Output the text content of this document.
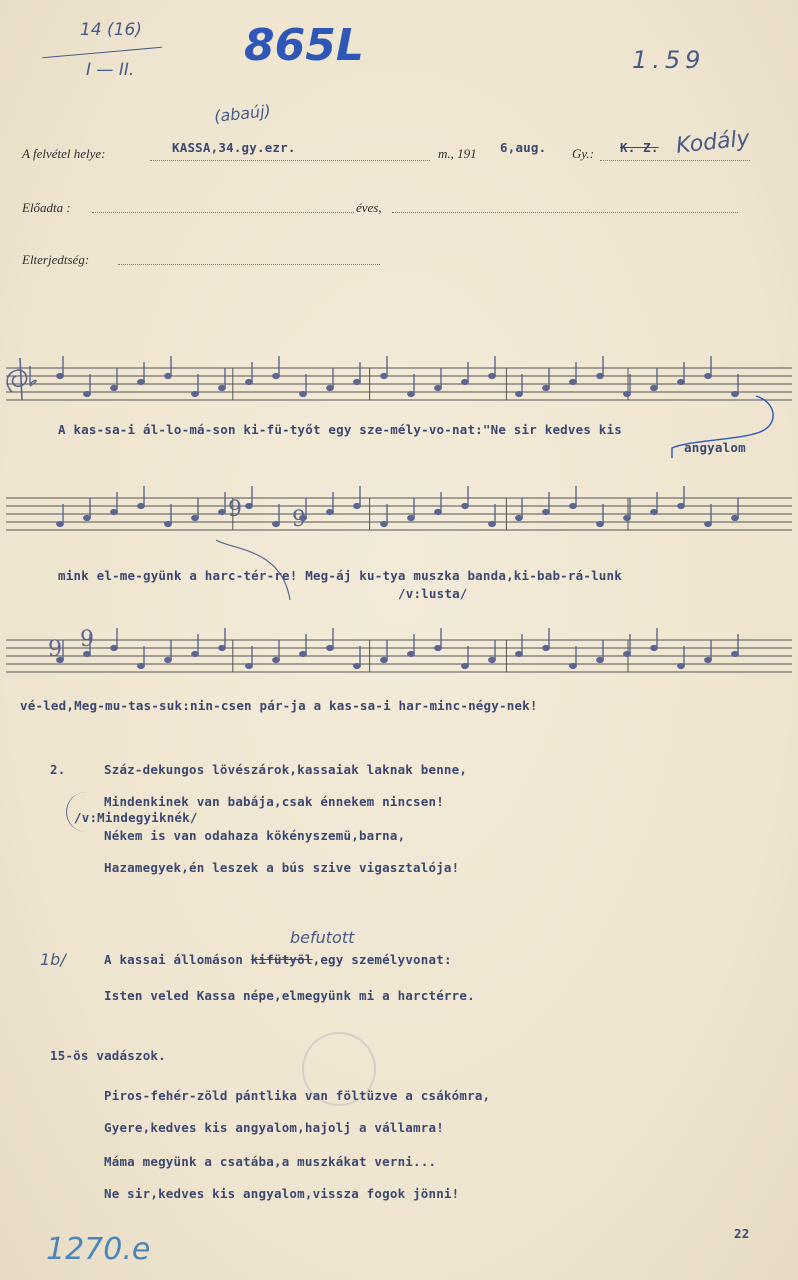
14 (16)
I — II. 865L	1.59
A felvétel helye:
(abaúj)
KASSA,34.gy.ezr.	m., 191 6,aug. Gy.: K. Z. Kodály
Előadta :	éves,
Elterjedtség:
9 9
9 9
A kas-sa-i ál-lo-má-son ki-fü-tyőt egy sze-mély-vo-nat:"Ne sir kedves kis
angyalom
mink el-me-gyünk a harc-tér-re! Meg-áj ku-tya muszka banda,ki-bab-rá-lunk
/v:lusta/
vé-led,Meg-mu-tas-suk:nin-csen pár-ja a kas-sa-i har-minc-négy-nek!
2.	Száz-dekungos lövészárok,kassaiak laknak benne,
Mindenkinek van babája,csak énnekem nincsen!
/v:Mindegyiknék/
Nékem is van odahaza kökényszemü,barna,
Hazamegyek,én leszek a bús szive vigasztalója!
1b/
befutott
A kassai állomáson kifütyöl,egy személyvonat:
Isten veled Kassa népe,elmegyünk mi a harctérre.
15-ös vadászok.
Piros-fehér-zöld pántlika van föltüzve a csákómra,
Gyere,kedves kis angyalom,hajolj a vállamra!
Máma megyünk a csatába,a muszkákat verni...
Ne sir,kedves kis angyalom,vissza fogok jönni!
22
1270.e
